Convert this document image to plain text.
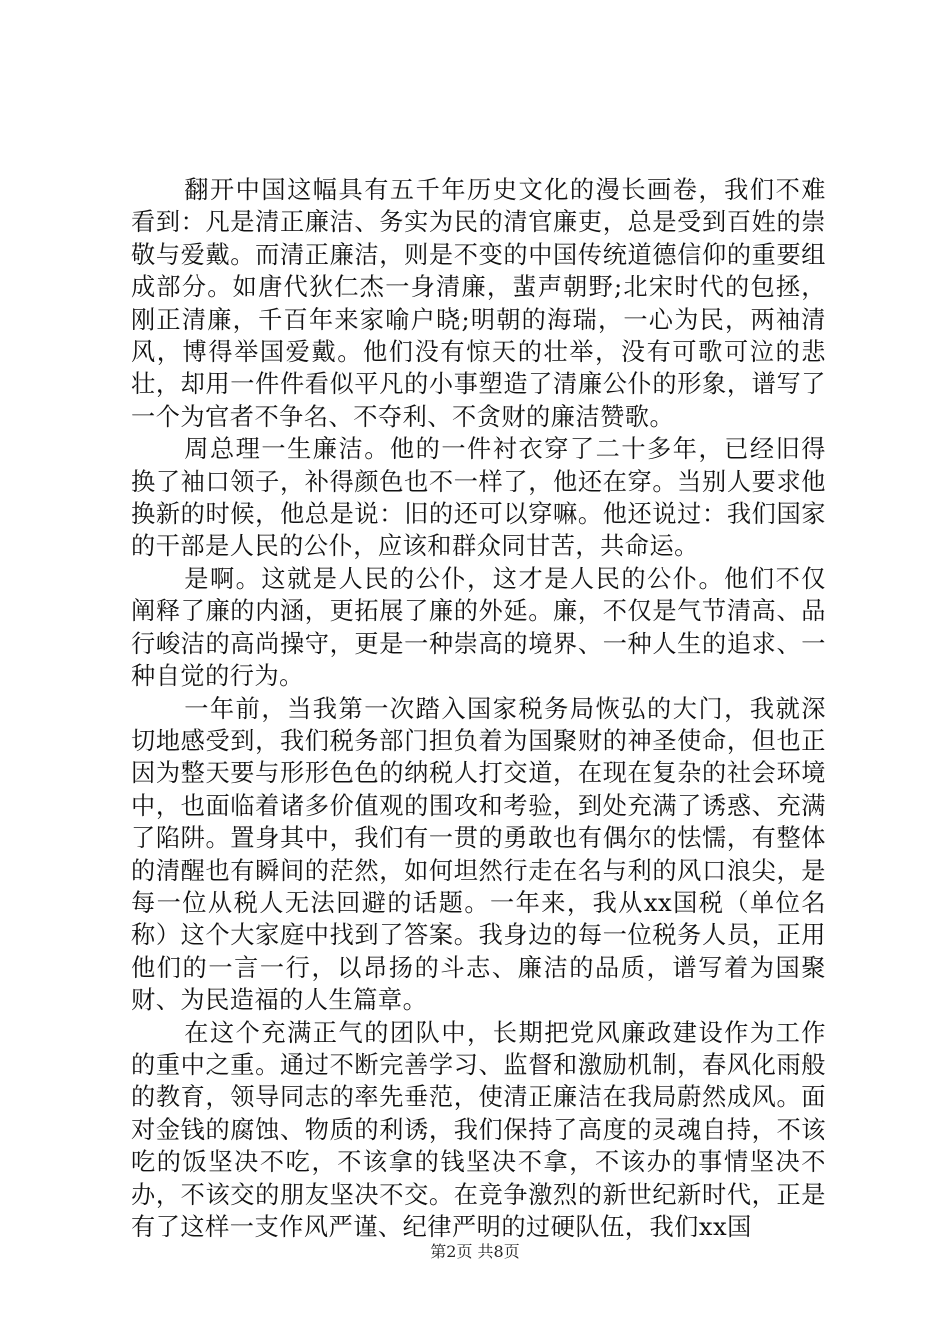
翻开中国这幅具有五千年历史文化的漫长画卷，我们不难看到：凡是清正廉洁、务实为民的清官廉吏，总是受到百姓的崇敬与爱戴。而清正廉洁，则是不变的中国传统道德信仰的重要组成部分。如唐代狄仁杰一身清廉，蜚声朝野;北宋时代的包拯，刚正清廉，千百年来家喻户晓;明朝的海瑞，一心为民，两袖清风，博得举国爱戴。他们没有惊天的壮举，没有可歌可泣的悲壮，却用一件件看似平凡的小事塑造了清廉公仆的形象，谱写了一个为官者不争名、不夺利、不贪财的廉洁赞歌。

周总理一生廉洁。他的一件衬衣穿了二十多年，已经旧得换了袖口领子，补得颜色也不一样了，他还在穿。当别人要求他换新的时候，他总是说：旧的还可以穿嘛。他还说过：我们国家的干部是人民的公仆，应该和群众同甘苦，共命运。

是啊。这就是人民的公仆，这才是人民的公仆。他们不仅阐释了廉的内涵，更拓展了廉的外延。廉，不仅是气节清高、品行峻洁的高尚操守，更是一种崇高的境界、一种人生的追求、一种自觉的行为。

一年前，当我第一次踏入国家税务局恢弘的大门，我就深切地感受到，我们税务部门担负着为国聚财的神圣使命，但也正因为整天要与形形色色的纳税人打交道，在现在复杂的社会环境中，也面临着诸多价值观的围攻和考验，到处充满了诱惑、充满了陷阱。置身其中，我们有一贯的勇敢也有偶尔的怯懦，有整体的清醒也有瞬间的茫然，如何坦然行走在名与利的风口浪尖，是每一位从税人无法回避的话题。一年来，我从xx国税（单位名称）这个大家庭中找到了答案。我身边的每一位税务人员，正用他们的一言一行，以昂扬的斗志、廉洁的品质，谱写着为国聚财、为民造福的人生篇章。

在这个充满正气的团队中，长期把党风廉政建设作为工作的重中之重。通过不断完善学习、监督和激励机制，春风化雨般的教育，领导同志的率先垂范，使清正廉洁在我局蔚然成风。面对金钱的腐蚀、物质的利诱，我们保持了高度的灵魂自持，不该吃的饭坚决不吃，不该拿的钱坚决不拿，不该办的事情坚决不办，不该交的朋友坚决不交。在竞争激烈的新世纪新时代，正是有了这样一支作风严谨、纪律严明的过硬队伍，我们xx国

第2页 共8页
